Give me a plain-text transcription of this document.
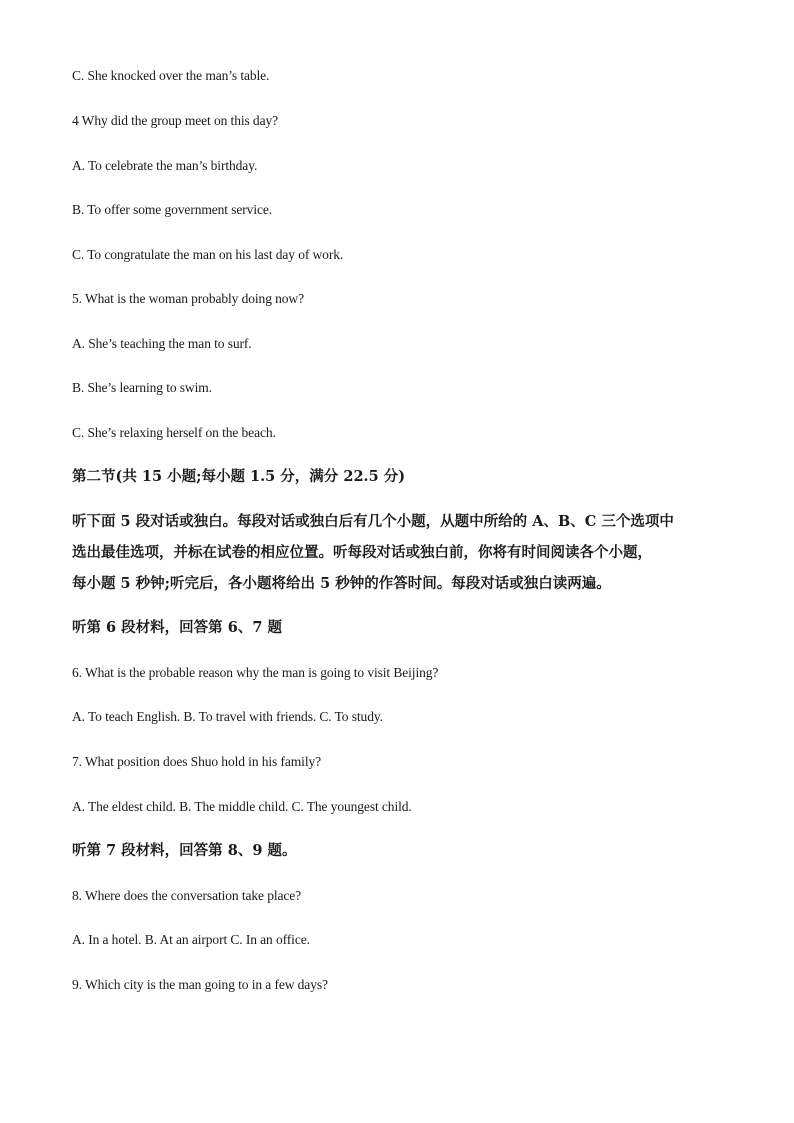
C. She knocked over the man’s table.
4 Why did the group meet on this day?
A. To celebrate the man’s birthday.
B. To offer some government service.
C. To congratulate the man on his last day of work.
5. What is the woman probably doing now?
A. She’s teaching the man to surf.
B. She’s learning to swim.
C. She’s relaxing herself on the beach.
第二节(共 15 小题;每小题 1.5 分，满分 22.5 分)
听下面 5 段对话或独白。每段对话或独白后有几个小题，从题中所给的 A、B、C 三个选项中
选出最佳选项，并标在试卷的相应位置。听每段对话或独白前，你将有时间阅读各个小题，
每小题 5 秒钟;听完后，各小题将给出 5 秒钟的作答时间。每段对话或独白读两遍。
听第 6 段材料，回答第 6、7 题
6. What is the probable reason why the man is going to visit Beijing?
A. To teach English. B. To travel with friends. C. To study.
7. What position does Shuo hold in his family?
A. The eldest child. B. The middle child. C. The youngest child.
听第 7 段材料，回答第 8、9 题。
8. Where does the conversation take place?
A. In a hotel. B. At an airport C. In an office.
9. Which city is the man going to in a few days?
